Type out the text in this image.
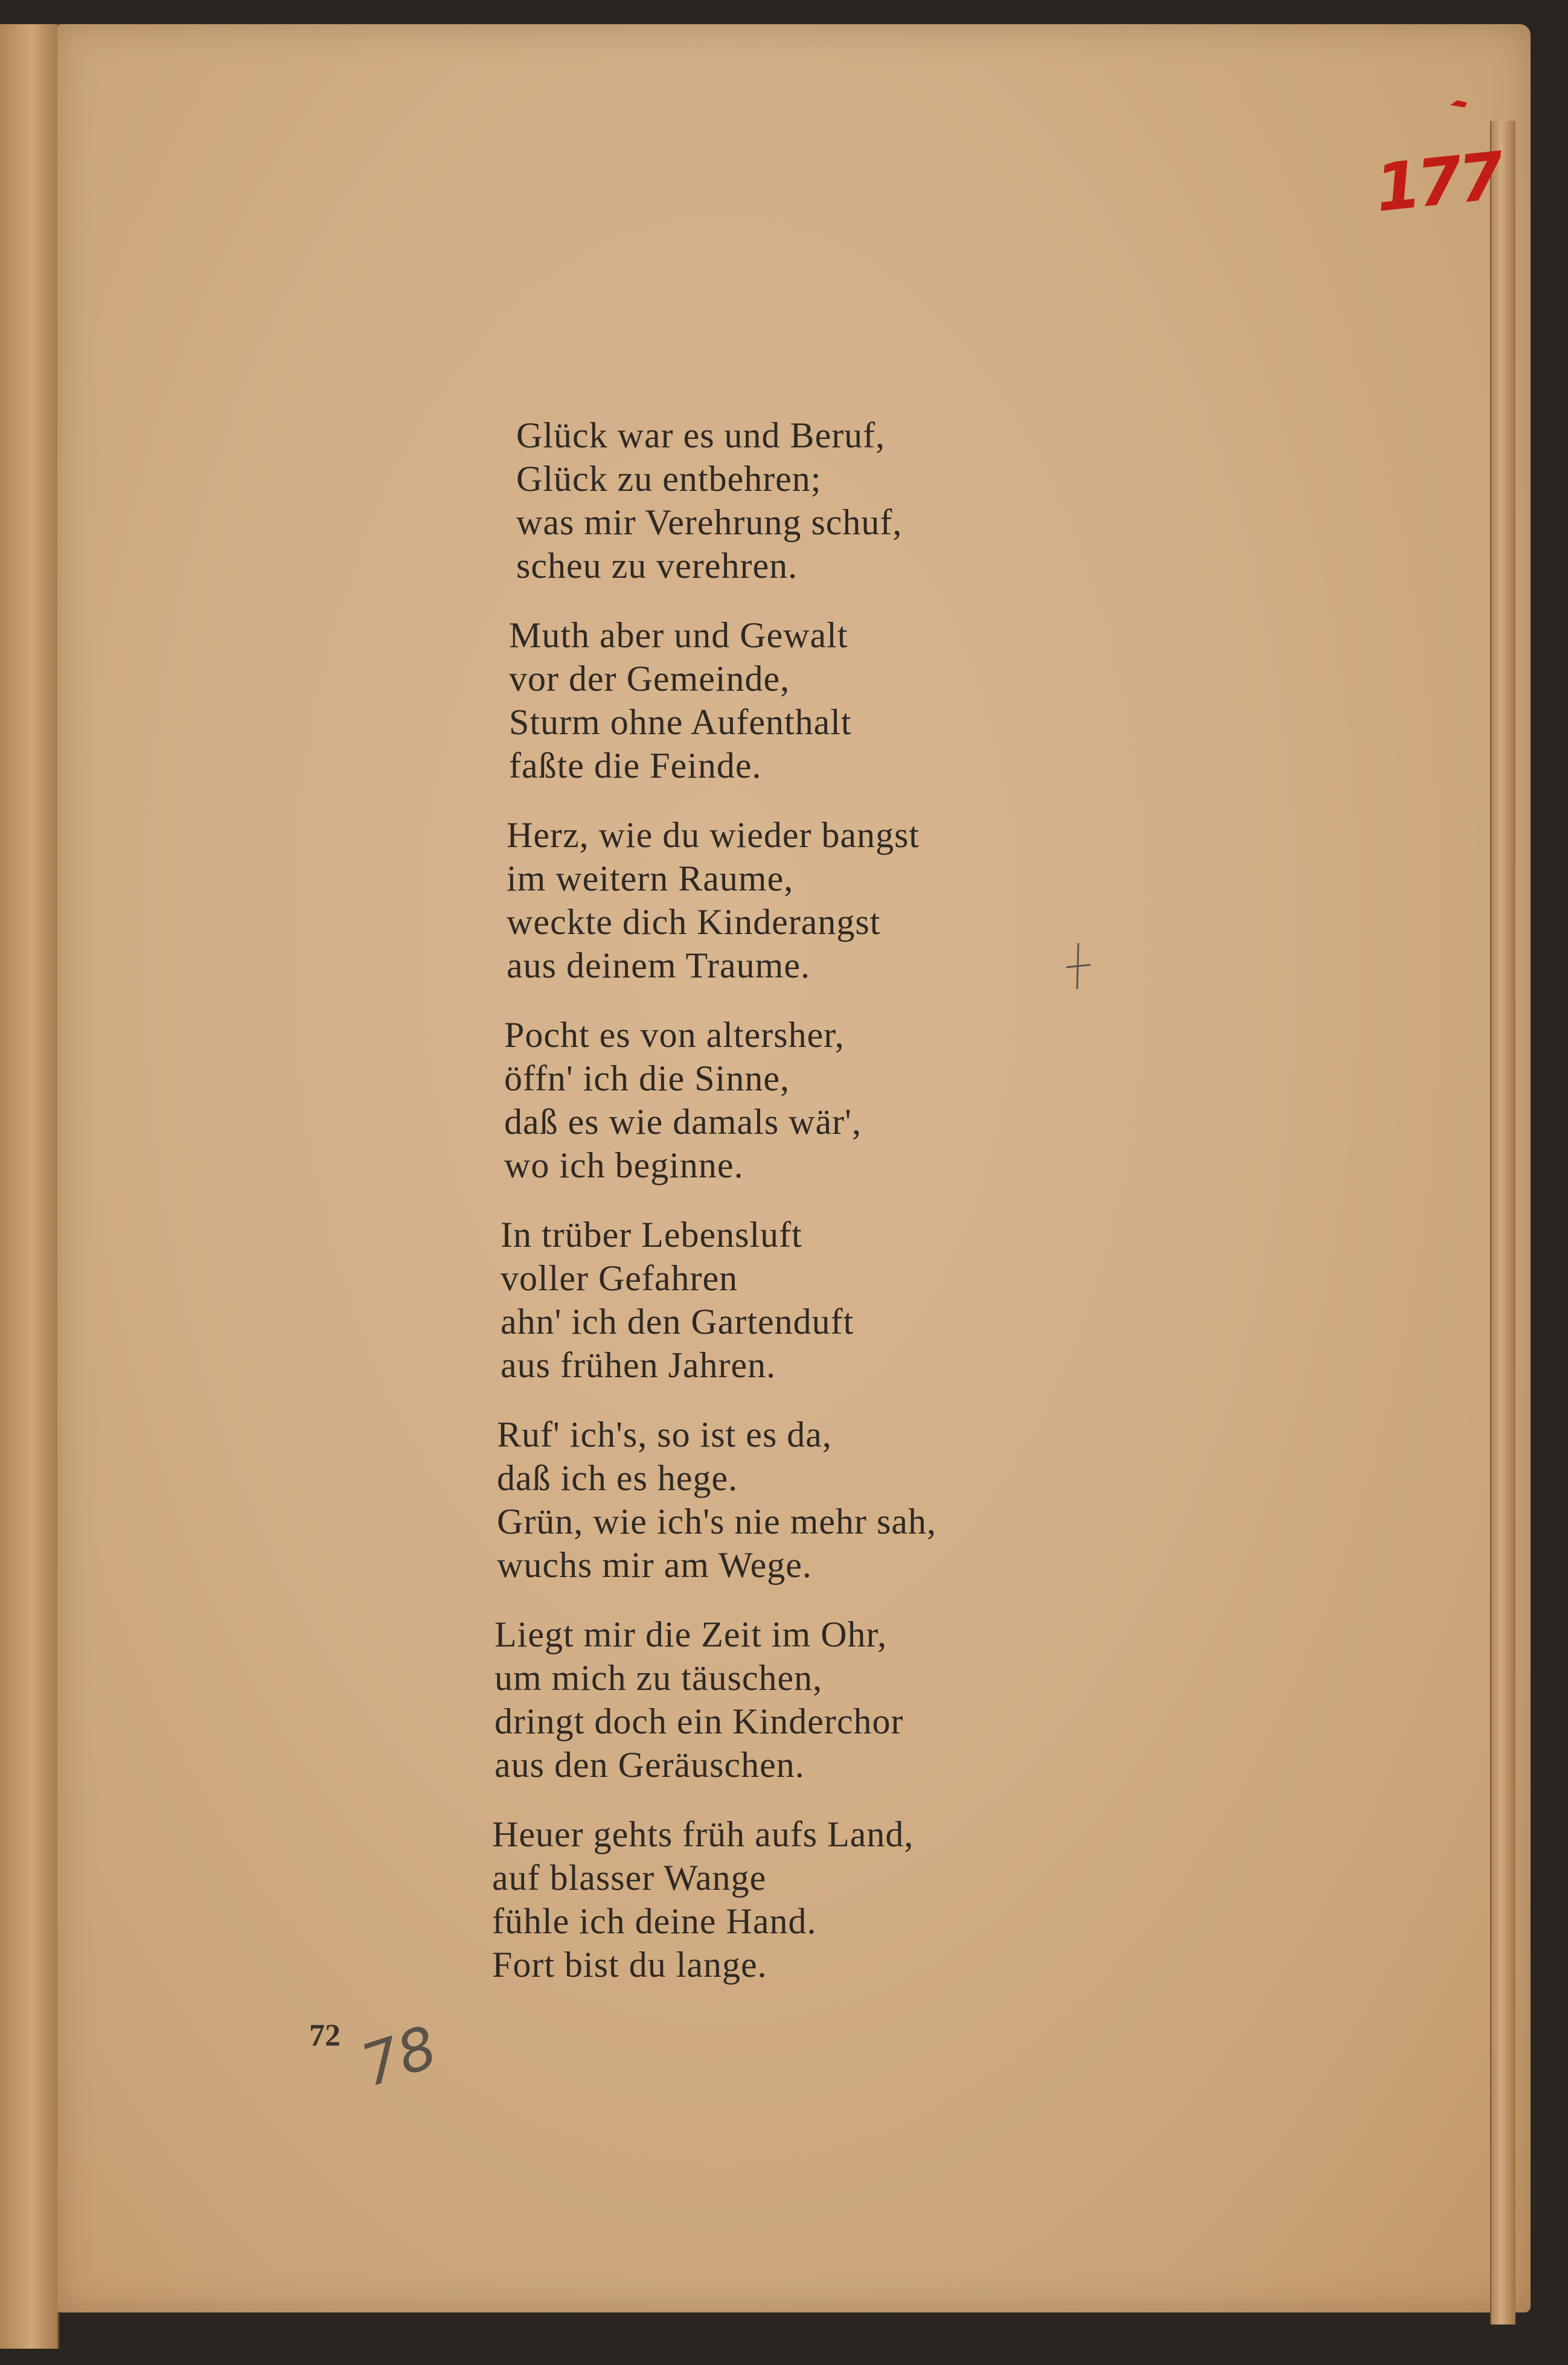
177
Glück war es und Beruf,
Glück zu entbehren;
was mir Verehrung schuf,
scheu zu verehren.
Muth aber und Gewalt
vor der Gemeinde,
Sturm ohne Aufenthalt
faßte die Feinde.
Herz, wie du wieder bangst
im weitern Raume,
weckte dich Kinderangst
aus deinem Traume.
Pocht es von altersher,
öffn' ich die Sinne,
daß es wie damals wär',
wo ich beginne.
In trüber Lebensluft
voller Gefahren
ahn' ich den Gartenduft
aus frühen Jahren.
Ruf' ich's, so ist es da,
daß ich es hege.
Grün, wie ich's nie mehr sah,
wuchs mir am Wege.
Liegt mir die Zeit im Ohr,
um mich zu täuschen,
dringt doch ein Kinderchor
aus den Geräuschen.
Heuer gehts früh aufs Land,
auf blasser Wange
fühle ich deine Hand.
Fort bist du lange.
72 78
